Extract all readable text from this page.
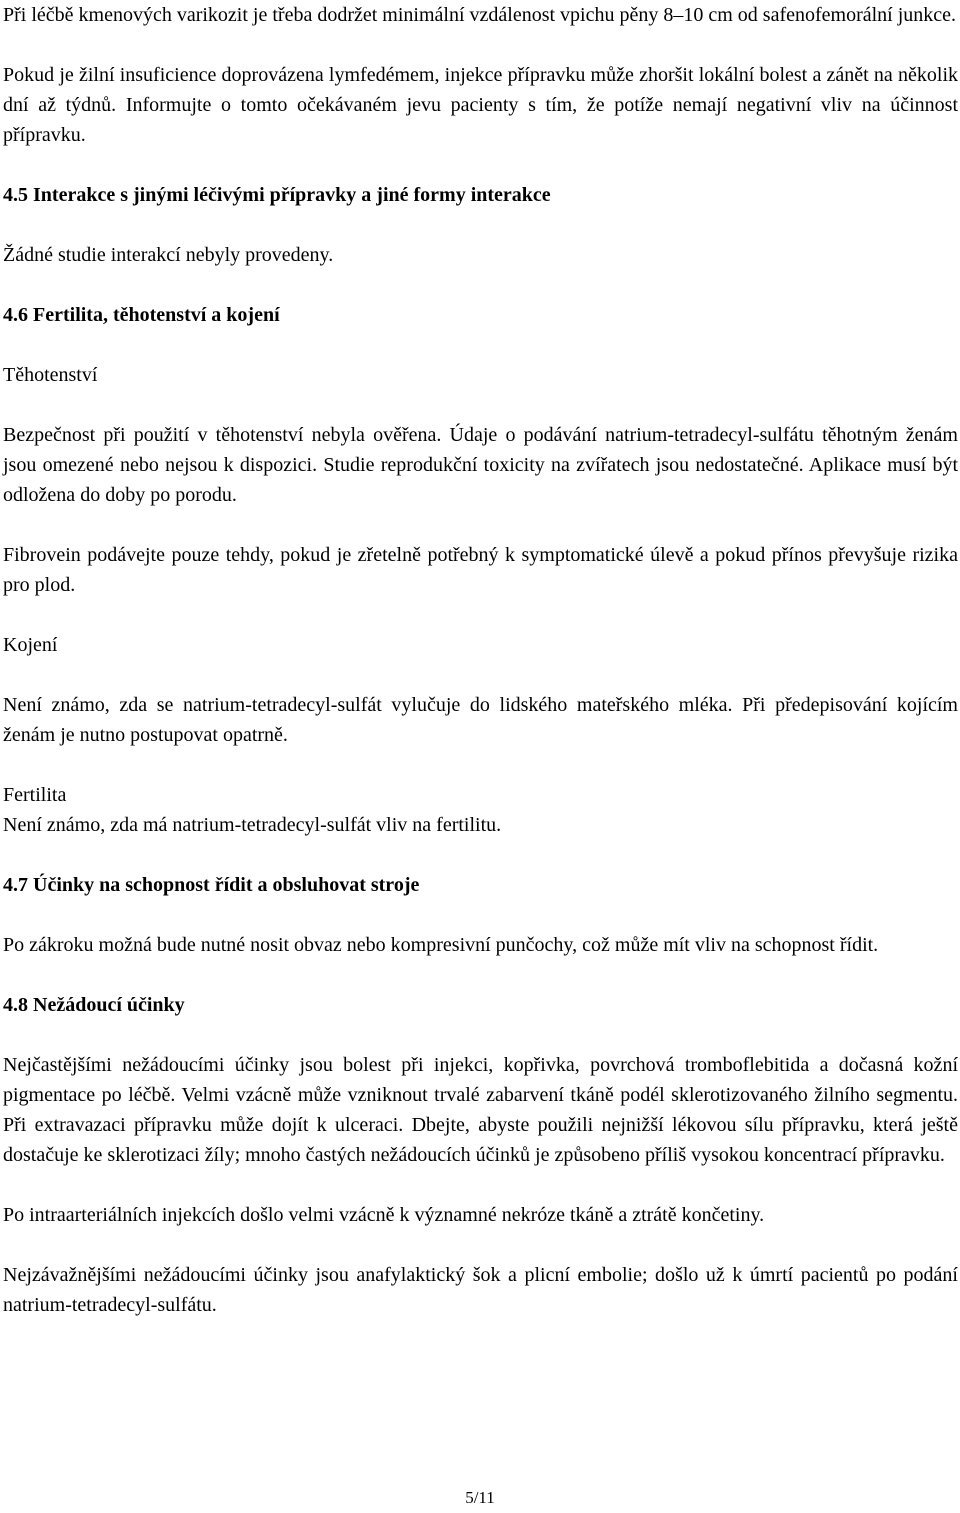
Při léčbě kmenových varikozit je třeba dodržet minimální vzdálenost vpichu pěny 8–10 cm od safenofemorální junkce.

Pokud je žilní insuficience doprovázena lymfedémem, injekce přípravku může zhoršit lokální bolest a zánět na několik dní až týdnů. Informujte o tomto očekávaném jevu pacienty s tím, že potíže nemají negativní vliv na účinnost přípravku.

4.5 Interakce s jinými léčivými přípravky a jiné formy interakce

Žádné studie interakcí nebyly provedeny.

4.6 Fertilita, těhotenství a kojení

Těhotenství

Bezpečnost při použití v těhotenství nebyla ověřena. Údaje o podávání natrium-tetradecyl-sulfátu těhotným ženám jsou omezené nebo nejsou k dispozici. Studie reprodukční toxicity na zvířatech jsou nedostatečné. Aplikace musí být odložena do doby po porodu.

Fibrovein podávejte pouze tehdy, pokud je zřetelně potřebný k symptomatické úlevě a pokud přínos převyšuje rizika pro plod.

Kojení

Není známo, zda se natrium-tetradecyl-sulfát vylučuje do lidského mateřského mléka. Při předepisování kojícím ženám je nutno postupovat opatrně.

Fertilita

Není známo, zda má natrium-tetradecyl-sulfát vliv na fertilitu.

4.7 Účinky na schopnost řídit a obsluhovat stroje

Po zákroku možná bude nutné nosit obvaz nebo kompresivní punčochy, což může mít vliv na schopnost řídit.

4.8 Nežádoucí účinky

Nejčastějšími nežádoucími účinky jsou bolest při injekci, kopřivka, povrchová tromboflebitida a dočasná kožní pigmentace po léčbě. Velmi vzácně může vzniknout trvalé zabarvení tkáně podél sklerotizovaného žilního segmentu. Při extravazaci přípravku může dojít k ulceraci. Dbejte, abyste použili nejnižší lékovou sílu přípravku, která ještě dostačuje ke sklerotizaci žíly; mnoho častých nežádoucích účinků je způsobeno příliš vysokou koncentrací přípravku.

Po intraarteriálních injekcích došlo velmi vzácně k významné nekróze tkáně a ztrátě končetiny.

Nejzávažnějšími nežádoucími účinky jsou anafylaktický šok a plicní embolie; došlo už k úmrtí pacientů po podání natrium-tetradecyl-sulfátu.

5/11
